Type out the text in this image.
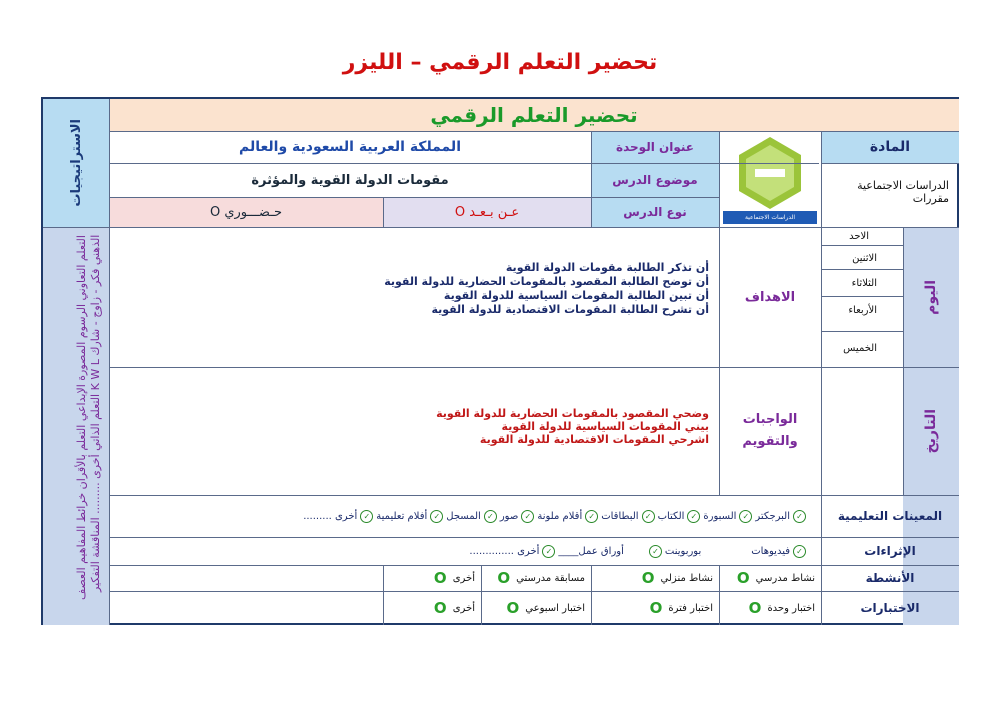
تحضير التعلم الرقمي – الليزر
تحضير التعلم الرقمي
الاستراتيجيات
التعلم التعاوني الرسوم المصورة الإبداعي التعلم بالأقران خرائط المفاهيم العصف الذهني فكر - زاوج - شارك K W L التعلم الذاتي أخرى ......... المناقشة التفكير
المادة
الدراسات الاجتماعية
مقررات
الدراسات الاجتماعية
عنوان الوحدة
المملكة العربية السعودية والعالم
موضوع الدرس
مقومات الدولة القوية والمؤثرة
نوع الدرس
عـن بـعـد O
حـضـــوري O
اليوم
التاريخ
الاحد
الاثنين
الثلاثاء
الأربعاء
الخميس
الاهداف
أن تذكر الطالبة مقومات الدولة القوية
أن توضح الطالبة المقصود بالمقومات الحضارية للدولة القوية
أن تبين الطالبة المقومات السياسية للدولة القوية
أن تشرح الطالبة المقومات الاقتصادية للدولة القوية
الواجبات
والتقويم
وضحي المقصود بالمقومات الحضارية للدولة القوية
بيني المقومات السياسية للدولة القوية
اشرحي المقومات الاقتصادية للدولة القوية
المعينات التعليمية
✓
البرجكتر
✓
السبورة
✓
الكتاب
✓
البطاقات
✓
أقلام ملونة
✓
صور
✓
المسجل
✓
أفلام تعليمية
✓
أخرى .........
الإثراءات
✓
فيديوهات
بوربوينت
✓
أوراق عمل
____
✓
أخرى ..............
الأنشطة
نشاط مدرسي
O
نشاط منزلي
O
مسابقة مدرستي
O
أخرى
O
الاختبارات
اختبار وحدة
O
اختبار فترة
O
اختبار اسبوعي
O
أخرى
O
